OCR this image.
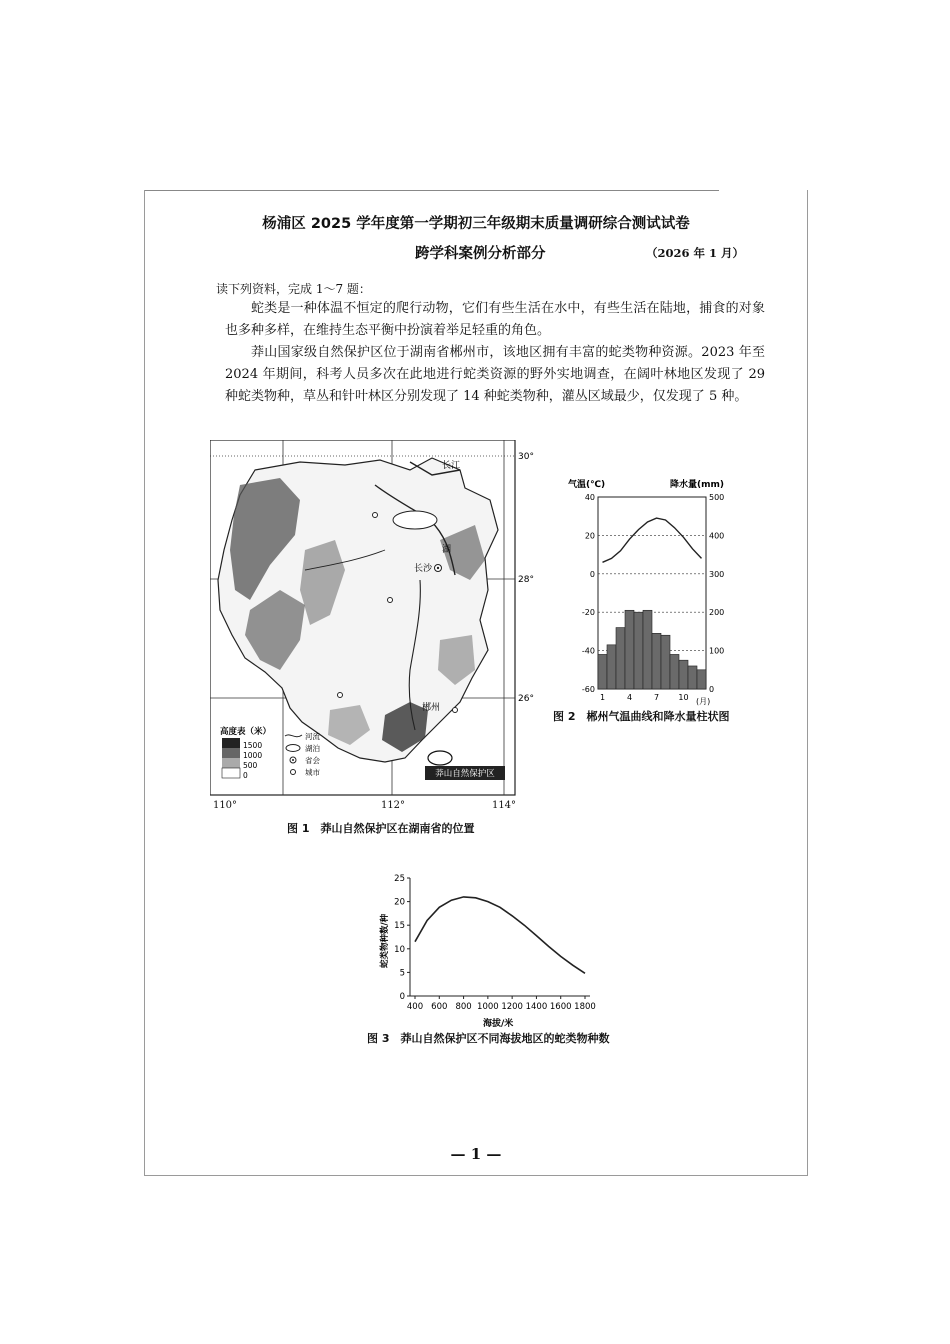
杨浦区 2025 学年度第一学期初三年级期末质量调研综合测试试卷
跨学科案例分析部分	（2026 年 1 月）
读下列资料，完成 1～7 题：
蛇类是一种体温不恒定的爬行动物，它们有些生活在水中，有些生活在陆地，捕食的对象也多种多样，在维持生态平衡中扮演着举足轻重的角色。
莽山国家级自然保护区位于湖南省郴州市，该地区拥有丰富的蛇类物种资源。2023 年至 2024 年期间，科考人员多次在此地进行蛇类资源的野外实地调查，在阔叶林地区发现了 29 种蛇类物种，草丛和针叶林区分别发现了 14 种蛇类物种，灌丛区域最少，仅发现了 5 种。
长沙
郴州
长江
湖
莽山自然保护区
30°
28°
26°
高度表（米）
1500
1000
500
0
河流
湖泊
省会
城市
110°	112°	114°
图 1　莽山自然保护区在湖南省的位置
气温(℃)	降水量(mm)
40
20
0
-20
-40
-60
500
400
300
200
100
0
1	4	7 10 (月)
图 2　郴州气温曲线和降水量柱状图
0
5
10
15
20
25
400 600 800 1000 1200 1400 1600 1800
海拔/米
蛇类物种数/种
图 3　莽山自然保护区不同海拔地区的蛇类物种数
— 1 —
